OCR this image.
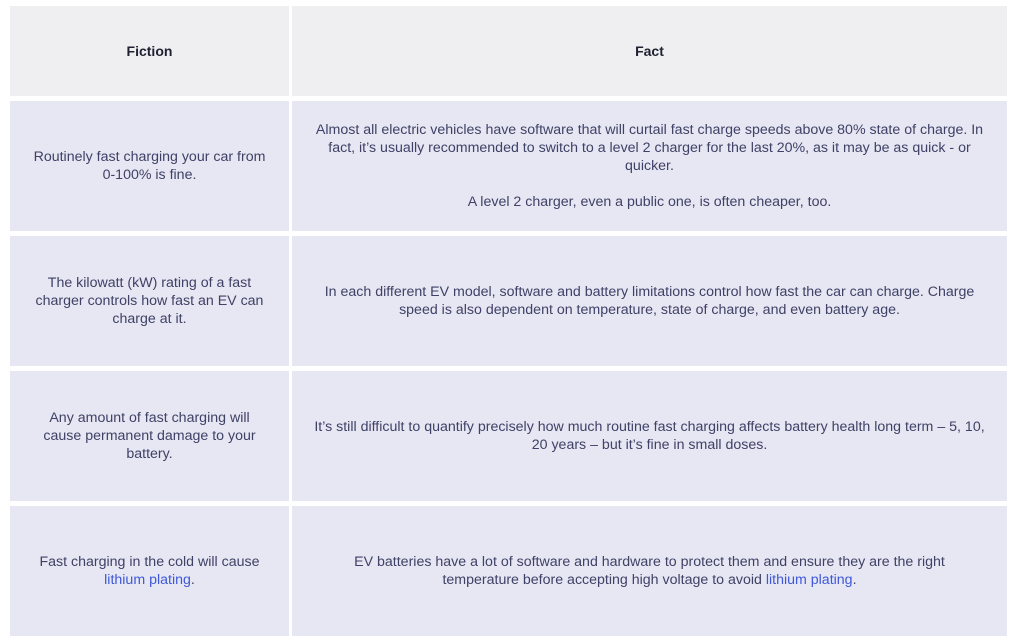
Fiction	Fact

Routinely fast charging your car from 0-100% is fine.

Almost all electric vehicles have software that will curtail fast charge speeds above 80% state of charge. In fact, it’s usually recommended to switch to a level 2 charger for the last 20%, as it may be as quick - or quicker.

A level 2 charger, even a public one, is often cheaper, too.

The kilowatt (kW) rating of a fast charger controls how fast an EV can charge at it.

In each different EV model, software and battery limitations control how fast the car can charge. Charge speed is also dependent on temperature, state of charge, and even battery age.

Any amount of fast charging will cause permanent damage to your battery.

It’s still difficult to quantify precisely how much routine fast charging affects battery health long term – 5, 10, 20 years – but it’s fine in small doses.

Fast charging in the cold will cause lithium plating.

EV batteries have a lot of software and hardware to protect them and ensure they are the right temperature before accepting high voltage to avoid lithium plating.
